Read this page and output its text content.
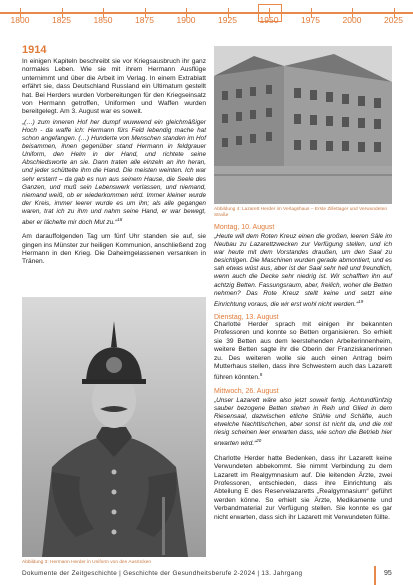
1800	1825	1850	1875	1900	1925	1950	1975	2000	2025
1914

In einigen Kapiteln beschreibt sie vor Kriegsausbruch ihr ganz normales Leben. Wie sie mit ihrem Hermann Ausflüge unternimmt und über die Arbeit im Verlag. In einem Extrablatt erfährt sie, dass Deutschland Russland ein Ultimatum gestellt hat. Bei Herders wurden Vorbereitungen für den Kriegseinsatz von Hermann getroffen, Uniformen und Waffen wurden bereitgelegt. Am 3. August war es soweit.

„(…) zum inneren Hof her dumpf wuwwend ein gleichmäßiger Hoch - da waffe ich: Hermann fürs Feld lebendig mache hat schon angefangen. (…) Hunderte von Menschen standen im Hof beisammen, ihnen gegenüber stand Hermann in feldgrauer Uniform, den Helm in der Hand, und richtete seine Abschiedsworte an sie. Dann traten alle einzeln an ihn heran, und jeder schüttelte ihm die Hand. Die meisten weinten. Ich war sehr erstarrt – da gab es nun aus seinem Hause, die Seele des Ganzen, und muß sein Lebenswerk verlassen, und niemand, niemand weiß, ob er wiederkommen wird. Immer kleiner wurde der Kreis, immer leerer wurde es um ihn; als alle gegangen waren, trat ich zu ihm und nahm seine Hand, er war bewegt, aber er lächelte mir doch Mut zu.“$^{18}$

Am darauffolgenden Tag um fünf Uhr standen sie auf, sie gingen ins Münster zur heiligen Kommunion, anschließend zog Hermann in den Krieg. Die Daheimgelassenen versanken in Tränen.

Abbildung 3: Hermann Herder in Uniform von den Ausrücken
Abbildung 4: Lazarett Herder im Verlagshaus – Erste Zillettager und Verwundeten Straße
Montag, 10. August

„Heute will dem Roten Kreuz einen die großen, leeren Säle im Neubau zu Lazarettzwecken zur Verfügung stellen, und ich war heute mit dem Vorstandes draußen, um den Saal zu besichtigen. Die Maschinen wurden gerade abmontiert, und es sah etwas wüst aus, aber ist der Saal sehr hell und freundlich, wenn auch die Decke sehr niedrig ist. Wir schafften ihn auf achtzig Betten. Fassungsraum, aber, freilich, woher die Betten nehmen? Das Rote Kreuz stellt keine und setzt eine Einrichtung voraus, die wir erst wohl nicht werden.“$^{19}$

Dienstag, 13. August

Charlotte Herder sprach mit einigen ihr bekannten Professoren und konnte so Betten organisieren. So erhielt sie 39 Betten aus dem leerstehenden Arbeiterinnenheim, weitere Betten sagte ihr die Oberin der Franziskanerinnen zu. Des weiteren wolle sie auch einen Antrag beim Mutterhaus stellen, dass ihre Schwestern auch das Lazarett führen könnten.$^8$

Mittwoch, 26. August

„Unser Lazarett wäre also jetzt soweit fertig. Achtundfünfzig sauber bezogene Betten stehen in Reih und Glied in dem Riesensaal, dazwischen etliche Stühle und Schäfte, auch etwelche Nachttischchen, aber sonst ist nicht da, und die mit riesig scheinen leer erwarten dass, wie schon die Betrieb hier erwarten wird.“$^{20}$

Charlotte Herder hatte Bedenken, dass ihr Lazarett keine Verwundeten abbekommt. Sie nimmt Verbindung zu dem Lazarett im Realgymnasium auf. Die leitenden Ärzte, zwei Professoren, entschieden, dass ihre Einrichtung als Abteilung E des Reservelazaretts „Realgymnasium“ geführt werden könne. So erhielt sie Ärzte, Medikamente und Verbandmaterial zur Verfügung stellen. Sie konnte es gar nicht erwarten, dass sich ihr Lazarett mit Verwundeten füllte.

Dokumente der Zeitgeschichte | Geschichte der Gesundheitsberufe 2-2024 | 13. Jahrgang	95
